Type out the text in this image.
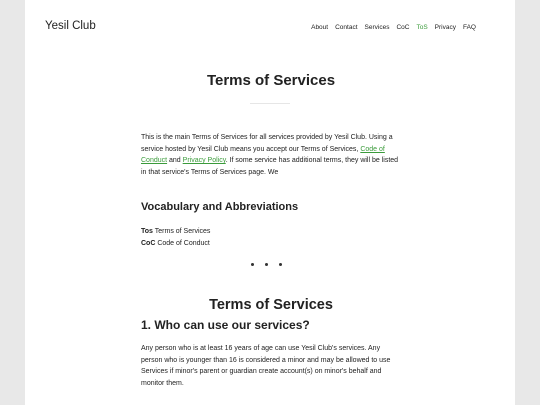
Yesil Club	About Contact Services CoC ToS Privacy FAQ
Terms of Services

This is the main Terms of Services for all services provided by Yesil Club. Using a service hosted by Yesil Club means you accept our Terms of Services, Code of Conduct and Privacy Policy. If some service has additional terms, they will be listed in that service's Terms of Services page. We

Vocabulary and Abbreviations
Tos Terms of Services
CoC Code of Conduct
Terms of Services
1. Who can use our services?

Any person who is at least 16 years of age can use Yesil Club's services. Any person who is younger than 16 is considered a minor and may be allowed to use Services if minor's parent or guardian create account(s) on minor's behalf and monitor them.
